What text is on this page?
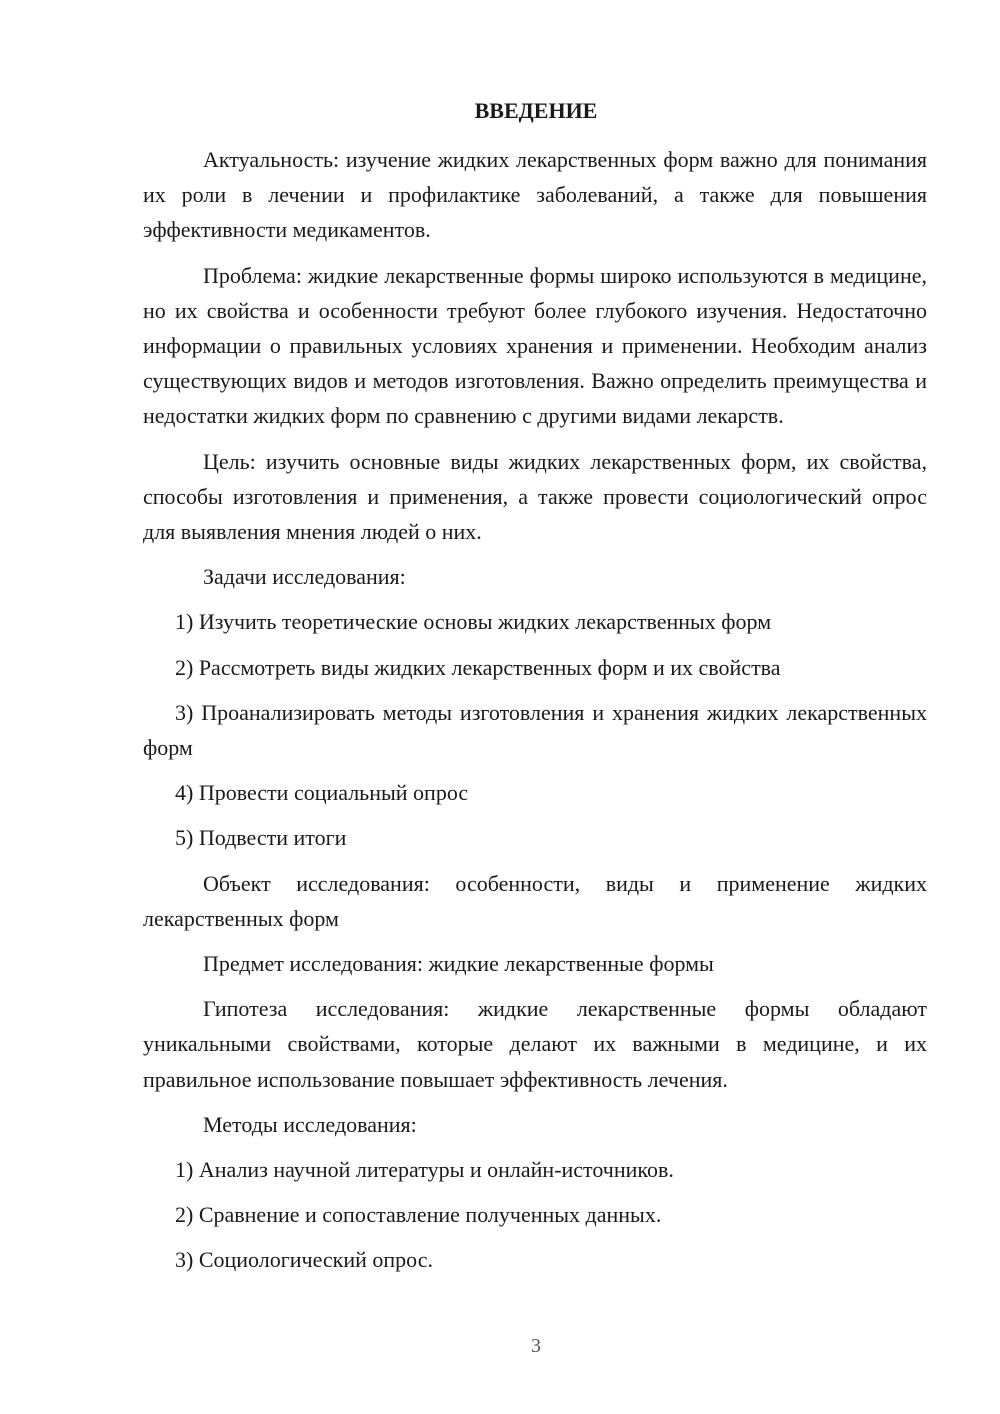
ВВЕДЕНИЕ

Актуальность: изучение жидких лекарственных форм важно для понимания их роли в лечении и профилактике заболеваний, а также для повышения эффективности медикаментов.

Проблема: жидкие лекарственные формы широко используются в медицине, но их свойства и особенности требуют более глубокого изучения. Недостаточно информации о правильных условиях хранения и применении. Необходим анализ существующих видов и методов изготовления. Важно определить преимущества и недостатки жидких форм по сравнению с другими видами лекарств.

Цель: изучить основные виды жидких лекарственных форм, их свойства, способы изготовления и применения, а также провести социологический опрос для выявления мнения людей о них.

Задачи исследования:

1) Изучить теоретические основы жидких лекарственных форм

2) Рассмотреть виды жидких лекарственных форм и их свойства

3) Проанализировать методы изготовления и хранения жидких лекарственных форм

4) Провести социальный опрос

5) Подвести итоги

Объект исследования: особенности, виды и применение жидких лекарственных форм

Предмет исследования: жидкие лекарственные формы

Гипотеза исследования: жидкие лекарственные формы обладают уникальными свойствами, которые делают их важными в медицине, и их правильное использование повышает эффективность лечения.

Методы исследования:

1) Анализ научной литературы и онлайн-источников.

2) Сравнение и сопоставление полученных данных.

3) Социологический опрос.

3
